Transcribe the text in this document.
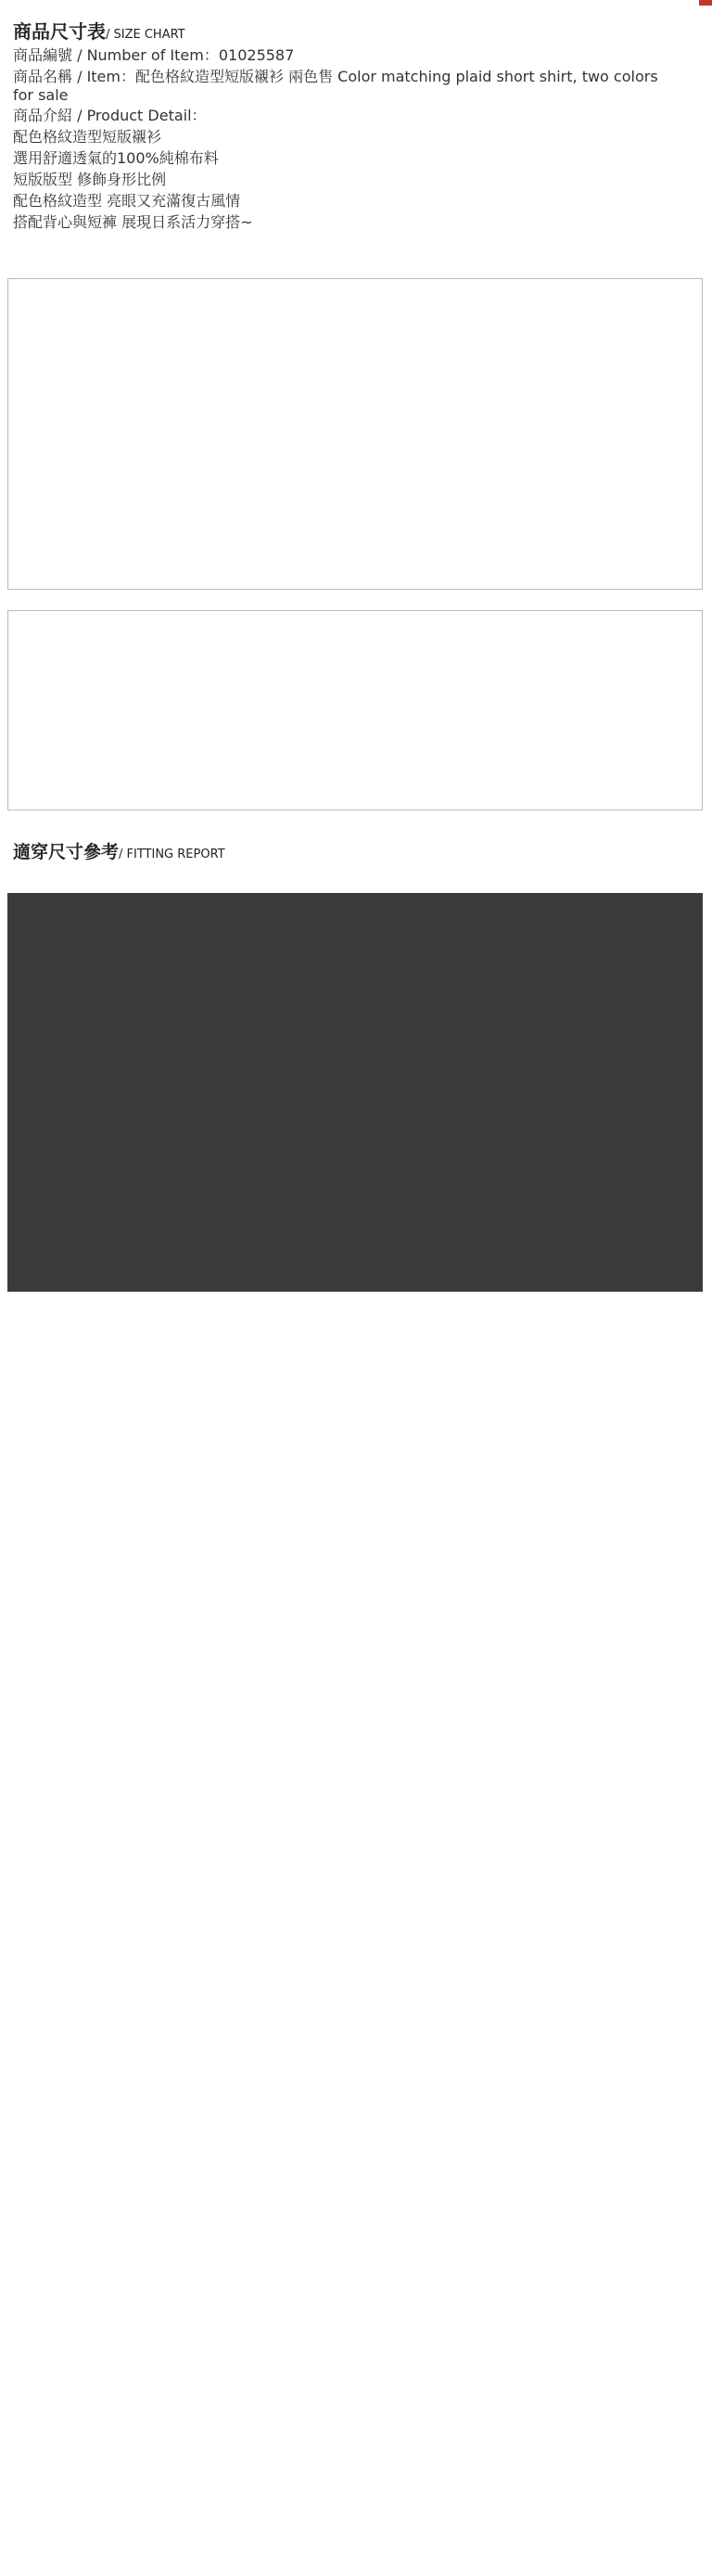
商品尺寸表/ SIZE CHART
商品編號 / Number of Item：01025587
商品名稱 / Item：配色格紋造型短版襯衫 兩色售 Color matching plaid short shirt, two colors
for sale
商品介紹 / Product Detail：
配色格紋造型短版襯衫
選用舒適透氣的100%純棉布料
短版版型 修飾身形比例
配色格紋造型 亮眼又充滿復古風情
搭配背心與短褲 展現日系活力穿搭~

適穿尺寸參考/ FITTING REPORT
